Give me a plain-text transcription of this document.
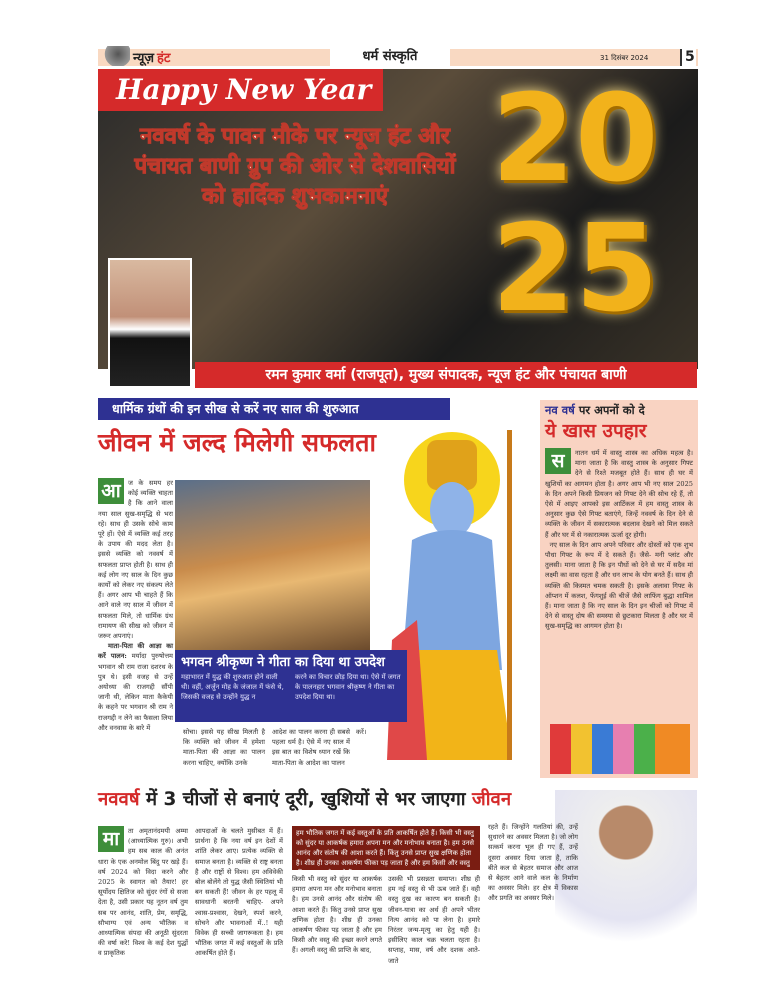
न्यूज़ हंट	धर्म संस्कृति	31 दिसंबर 2024	5
Happy New Year 20
25
नववर्ष के पावन मौके पर न्यूज हंट और पंचायत बाणी ग्रुप की ओर से देशवासियों को हार्दिक शुभकामनाएं
रमन कुमार वर्मा (राजपूत), मुख्य संपादक, न्यूज हंट और पंचायत बाणी
धार्मिक ग्रंथों की इन सीख से करें नए साल की शुरुआत
जीवन में जल्द मिलेगी सफलता
आ	ज के समय हर कोई व्यक्ति चाहता है कि आने वाला नया साल सुख-समृद्धि से भरा रहे। साथ ही उसके सोचे काम पूरे हों। ऐसे में व्यक्ति कई तरह के उपाय की मदद लेता है। इससे व्यक्ति को नववर्ष में सफलता प्राप्त होती है। साथ ही कई लोग नए साल के दिन कुछ कार्यों को लेकर नए संकल्प लेते हैं। अगर आप भी चाहते हैं कि आने वाले नए साल में जीवन में सफलता मिले, तो धार्मिक ग्रंथ रामायण की सीख को जीवन में जरूर अपनाएं।
माता-पिता की आज्ञा का करें पालन: मर्यादा पुरुषोत्तम भगवान श्री राम राजा दशरथ के पुत्र थे। इसी वजह से उन्हें अयोध्या की राजगद्दी सौंपी जानी थी, लेकिन माता कैकेयी के कहने पर भगवान श्री राम ने राजगद्दी न लेने का फैसला लिया और वनवास के बारे में
भगवन श्रीकृष्ण ने गीता का दिया था उपदेश
महाभारत में युद्ध की शुरुआत होने वाली थी। वहीं, अर्जुन मोह के जंजाल में फंसे थे, जिसकी वजह से उन्होंने युद्ध न
करने का विचार छोड़ दिया था। ऐसे में जगत के पालनहार भगवान श्रीकृष्ण ने गीता का उपदेश दिया था।
सोचा। इससे यह सीख मिलती है कि व्यक्ति को जीवन में हमेशा माता-पिता की आज्ञा का पालन करना चाहिए, क्योंकि उनके
आदेश का पालन करना ही सबसे पहला धर्म है। ऐसे में नए साल में इस बात का विशेष ध्यान रखें कि माता-पिता के आदेश का पालन
करें।
नव वर्ष पर अपनों को दे
ये खास उपहार
स	नातन धर्म में वास्तु शास्त्र का अधिक महत्व है। माना जाता है कि वास्तु शास्त्र के अनुसार गिफ्ट देने से रिश्ते मजबूत होते हैं। साथ ही घर में खुशियों का आगमन होता है। अगर आप भी नए साल 2025 के दिन अपने किसी प्रियजन को गिफ्ट देने की सोच रहे हैं, तो ऐसे में आइए आपको इस आर्टिकल में हम वास्तु शास्त्र के अनुसार कुछ ऐसे गिफ्ट बताएंगे, जिन्हें नववर्ष के दिन देने से व्यक्ति के जीवन में सकारात्मक बदलाव देखने को मिल सकते हैं और घर में से नकारात्मक ऊर्जा दूर होगी।
नए साल के दिन आप अपने परिवार और दोस्तों को एक शुभ पौधा गिफ्ट के रूप में दे सकते हैं। जैसे- मनी प्लांट और तुलसी। माना जाता है कि इन पौधों को देने से घर में सदैव मां लक्ष्मी का वास रहता है और धन लाभ के योग बनते हैं। साथ ही व्यक्ति की किस्मत चमक सकती है। इसके अलावा गिफ्ट के ऑप्शन में कलश, फेंगशुई की चीजें जैसे लाफिंग बुद्धा शामिल हैं। माना जाता है कि नए साल के दिन इन चीजों को गिफ्ट में देने से वास्तु दोष की समस्या से छुटकारा मिलता है और घर में सुख-समृद्धि का आगमन होता है।
नववर्ष में 3 चीजों से बनाएं दूरी, खुशियों से भर जाएगा जीवन
मा	ता अमृतानंदमयी अम्मा (आध्यात्मिक गुरु)। अभी हम सब काल की अनंत धारा के एक अनमोल बिंदु पर खड़े हैं। वर्ष 2024 को विदा करने और 2025 के स्वागत को तैयार! हर सूर्योदय क्षितिज को सुंदर रंगों से सजा देता है, उसी प्रकार यह नूतन वर्ष तुम सब पर आनंद, शांति, प्रेम, समृद्धि, सौभाग्य एवं अन्य भौतिक व आध्यात्मिक संपदा की अनूठी सुंदरता की वर्षा करे! विश्व के कई देश युद्धों व प्राकृतिक
आपदाओं के चलते मुसीबत में हैं। प्रार्थना है कि नया वर्ष इन देशों में शांति लेकर आए। प्रत्येक व्यक्ति से समाज बनता है। व्यक्ति से राष्ट्र बनता है और राष्ट्रों से विश्व। हम अविवेकी बोल बोलेंगे तो युद्ध जैसी स्थितियां भी बन सकती हैं! जीवन के हर पहलू में सावधानी बरतनी चाहिए- अपने श्वास-प्रश्वास, देखने, स्पर्श करने, सोचने और भावनाओं में..! यही विवेक ही सच्ची जागरूकता है। हम भौतिक जगत में कई वस्तुओं के प्रति आकर्षित होते हैं।
हम भौतिक जगत में कई वस्तुओं के प्रति आकर्षित होते हैं। किसी भी वस्तु को सुंदर या आकर्षक हमारा अपना मन और मनोभाव बनाता है। हम उनसे आनंद और संतोष की आशा करते हैं। किंतु उनसे प्राप्त सुख क्षणिक होता है। शीघ्र ही उनका आकर्षण फीका पड़ जाता है और हम किसी और वस्तु की इच्छा करने लगते हैं।
किसी भी वस्तु को सुंदर या आकर्षक हमारा अपना मन और मनोभाव बनाता है। हम उनसे आनंद और संतोष की आशा करते हैं। किंतु उनसे प्राप्त सुख क्षणिक होता है। शीघ्र ही उनका आकर्षण फीका पड़ जाता है और हम किसी और वस्तु की इच्छा करने लगते हैं। अगली वस्तु की प्राप्ति के बाद,
उसकी भी प्रसन्नता समाप्त। शीघ्र ही हम नई वस्तु से भी ऊब जाते हैं। वही वस्तु दुख का कारण बन सकती है। जीवन-यात्रा का अर्थ ही अपने भीतर नित्य आनंद को पा लेना है। हमारे निरंतर जन्म-मृत्यु का हेतु यही है। इसीलिए काल चक्र चलता रहता है। सप्ताह, मास, वर्ष और दशक आते-जाते
रहते हैं। जिन्होंने गलतियां की, उन्हें सुधारने का अवसर मिलता है। जो लोग सत्कर्म करना भूल ही गए हैं, उन्हें दूसरा अवसर दिया जाता है, ताकि बीते कल से बेहतर समाज और आज से बेहतर आने वाले कल के निर्माण का अवसर मिले। हर क्षेत्र में विकास और प्रगति का अवसर मिले।
